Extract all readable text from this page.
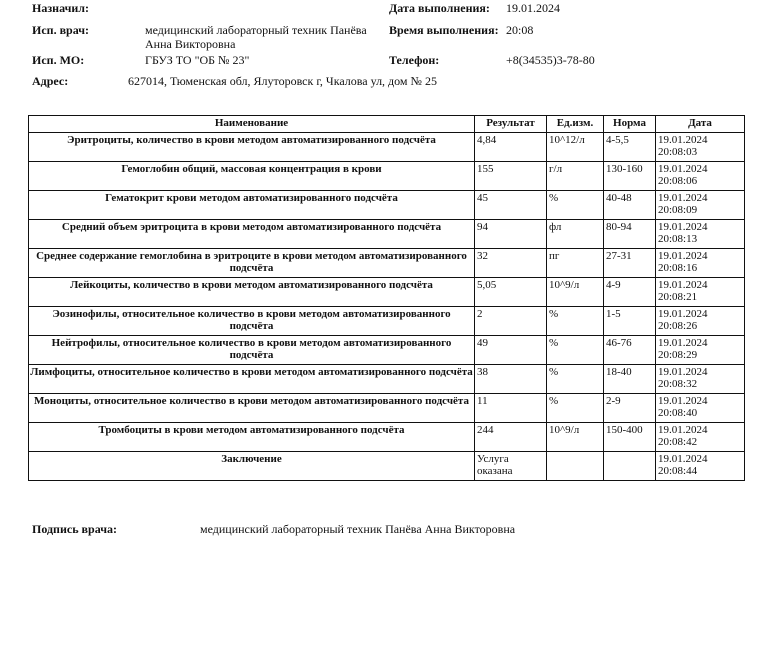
Назначил:	Дата выполнения: 19.01.2024
Исп. врач:	медицинский лабораторный техник Панёва
Анна Викторовна
Время выполнения: 20:08
Исп. МО:	ГБУЗ ТО "ОБ № 23"	Телефон:	+8(34535)3-78-80
Адрес:	627014, Тюменская обл, Ялуторовск г, Чкалова ул, дом № 25
Наименование	Результат	Ед.изм.	Норма	Дата
Эритроциты, количество в крови методом автоматизированного подсчёта	4,84	10^12/л	4-5,5	19.01.2024
20:08:03

Гемоглобин общий, массовая концентрация в крови	155	г/л	130-160	19.01.2024
20:08:06

Гематокрит крови методом автоматизированного подсчёта	45	%	40-48	19.01.2024
20:08:09

Средний объем эритроцита в крови методом автоматизированного подсчёта	94	фл	80-94	19.01.2024
20:08:13

Среднее содержание гемоглобина в эритроците в крови методом автоматизированного подсчёта	32	пг	27-31	19.01.2024
20:08:16

Лейкоциты, количество в крови методом автоматизированного подсчёта	5,05	10^9/л	4-9	19.01.2024
20:08:21

Эозинофилы, относительное количество в крови методом автоматизированного подсчёта	2	%	1-5	19.01.2024
20:08:26

Нейтрофилы, относительное количество в крови методом автоматизированного подсчёта	49	%	46-76	19.01.2024
20:08:29

Лимфоциты, относительное количество в крови методом автоматизированного подсчёта	38	%	18-40	19.01.2024
20:08:32

Моноциты, относительное количество в крови методом автоматизированного подсчёта	11	%	2-9	19.01.2024
20:08:40

Тромбоциты в крови методом автоматизированного подсчёта	244	10^9/л	150-400	19.01.2024
20:08:42

Заключение	Услуга оказана			19.01.2024
20:08:44
Подпись врача:	медицинский лабораторный техник Панёва Анна Викторовна
